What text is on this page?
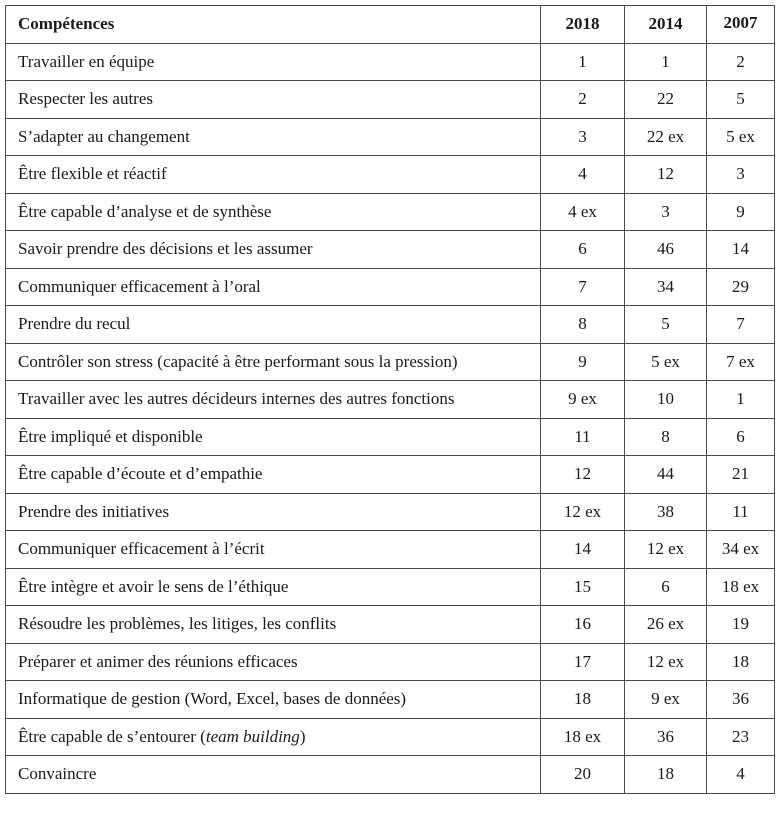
Compétences	2018	2014	2007
Travailler en équipe	1	1	2
Respecter les autres	2	22	5
S’adapter au changement	3	22 ex	5 ex
Être flexible et réactif	4	12	3
Être capable d’analyse et de synthèse	4 ex	3	9
Savoir prendre des décisions et les assumer	6	46	14
Communiquer efficacement à l’oral	7	34	29
Prendre du recul	8	5	7
Contrôler son stress (capacité à être performant sous la pression)	9	5 ex	7 ex
Travailler avec les autres décideurs internes des autres fonctions	9 ex	10	1
Être impliqué et disponible	11	8	6
Être capable d’écoute et d’empathie	12	44	21
Prendre des initiatives	12 ex	38	11
Communiquer efficacement à l’écrit	14	12 ex	34 ex
Être intègre et avoir le sens de l’éthique	15	6	18 ex
Résoudre les problèmes, les litiges, les conflits	16	26 ex	19
Préparer et animer des réunions efficaces	17	12 ex	18
Informatique de gestion (Word, Excel, bases de données)	18	9 ex	36
Être capable de s’entourer (team building)	18 ex	36	23
Convaincre	20	18	4
